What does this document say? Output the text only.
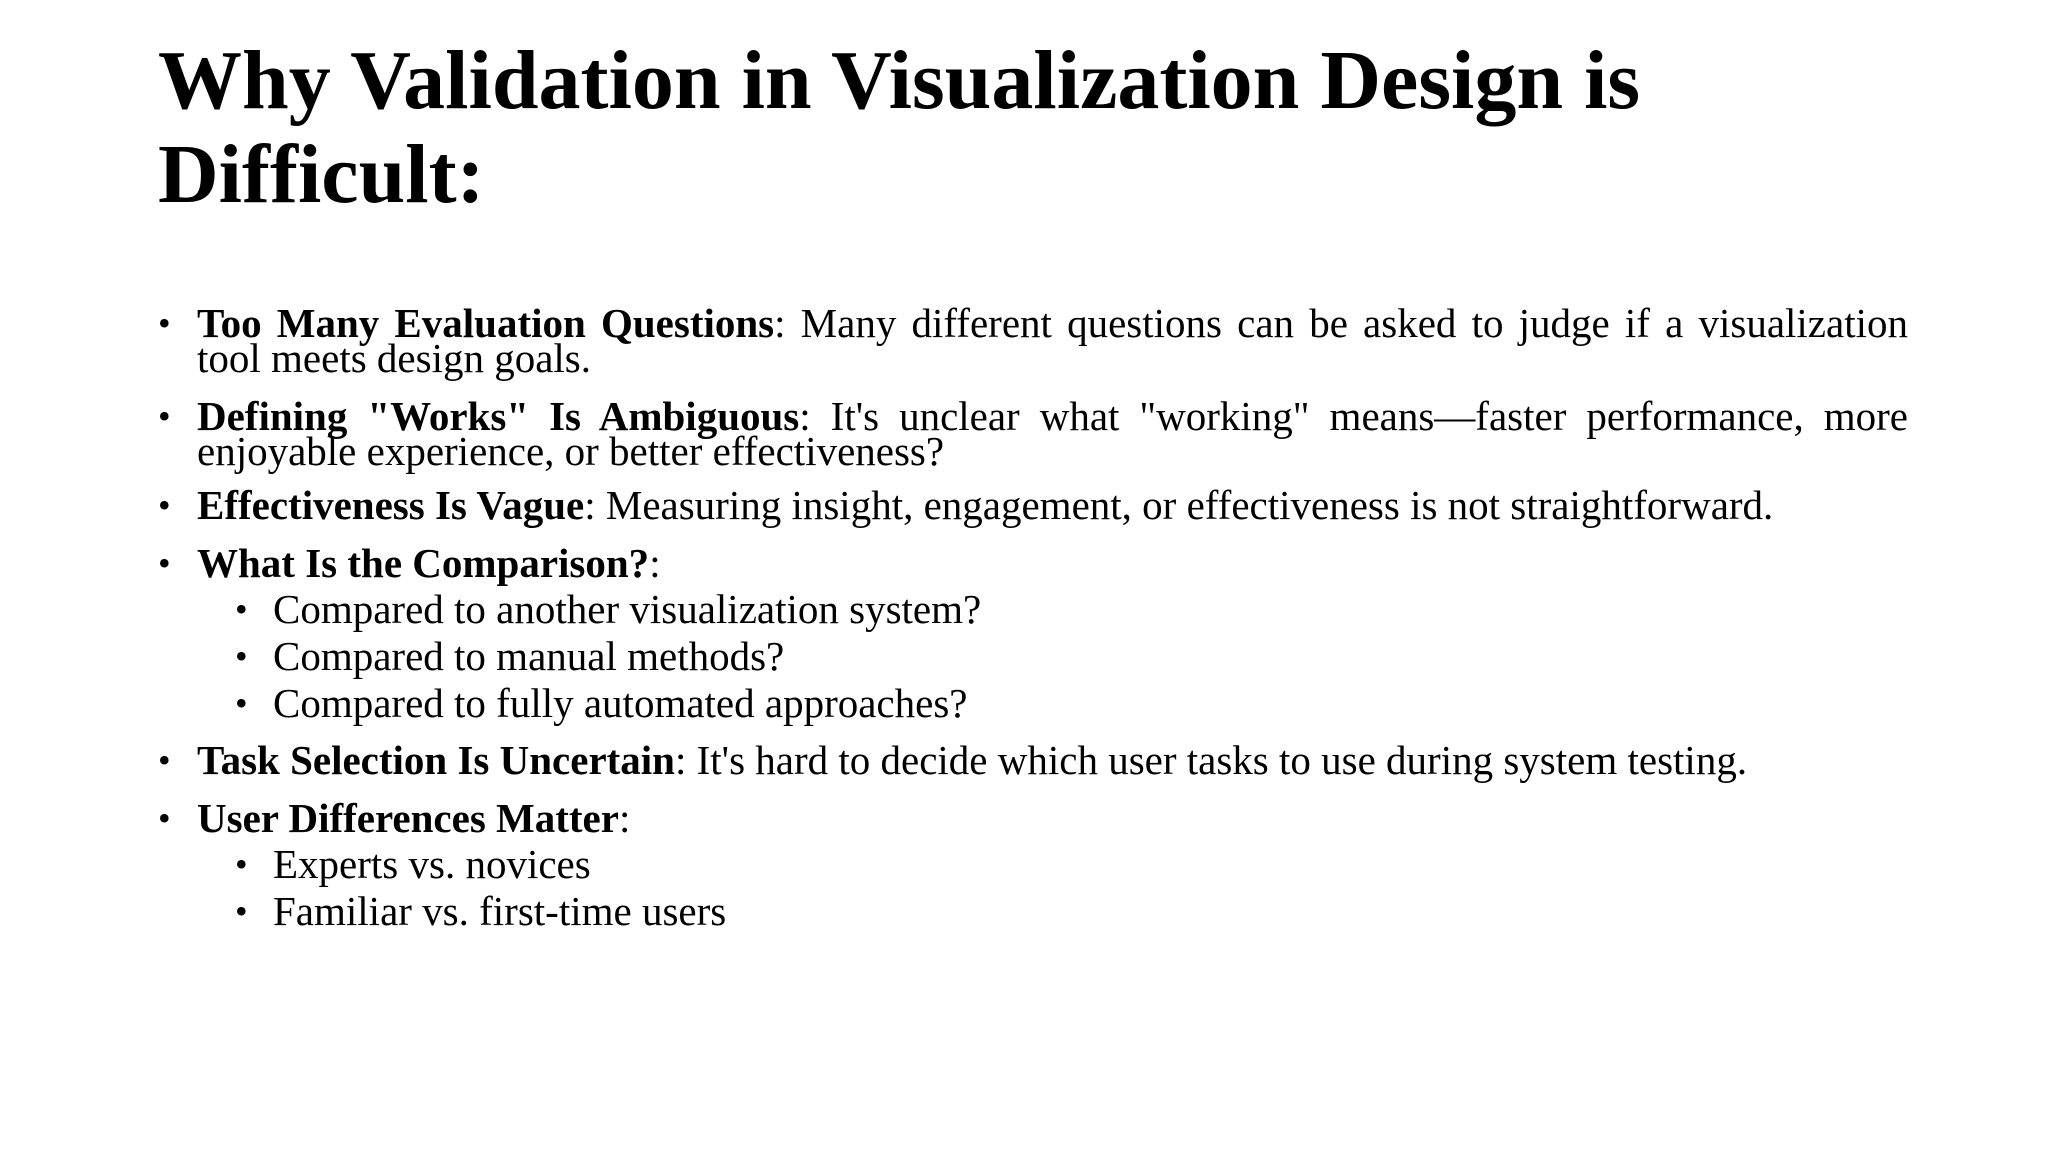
Why Validation in Visualization Design is Difficult:
• Too Many Evaluation Questions: Many different questions can be asked to judge if a visualization tool meets design goals.
• Defining "Works" Is Ambiguous: It's unclear what "working" means—faster performance, more enjoyable experience, or better effectiveness?
• Effectiveness Is Vague: Measuring insight, engagement, or effectiveness is not straightforward.
• What Is the Comparison?:
• Compared to another visualization system?
• Compared to manual methods?
• Compared to fully automated approaches?
• Task Selection Is Uncertain: It's hard to decide which user tasks to use during system testing.
• User Differences Matter:
• Experts vs. novices
• Familiar vs. first-time users
